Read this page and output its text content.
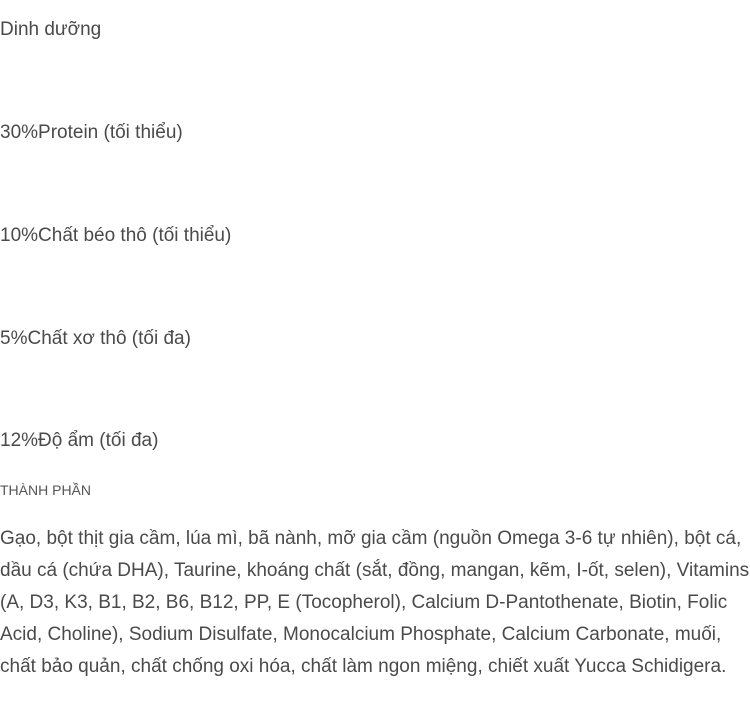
Dinh dưỡng
30%Protein (tối thiểu)
10%Chất béo thô (tối thiểu)
5%Chất xơ thô (tối đa)
12%Độ ẩm (tối đa)
THÀNH PHẦN

Gạo, bột thịt gia cầm, lúa mì, bã nành, mỡ gia cầm (nguồn Omega 3-6 tự nhiên), bột cá, dầu cá (chứa DHA), Taurine, khoáng chất (sắt, đồng, mangan, kẽm, I-ốt, selen), Vitamins (A, D3, K3, B1, B2, B6, B12, PP, E (Tocopherol), Calcium D-Pantothenate, Biotin, Folic Acid, Choline), Sodium Disulfate, Monocalcium Phosphate, Calcium Carbonate, muối, chất bảo quản, chất chống oxi hóa, chất làm ngon miệng, chiết xuất Yucca Schidigera.
